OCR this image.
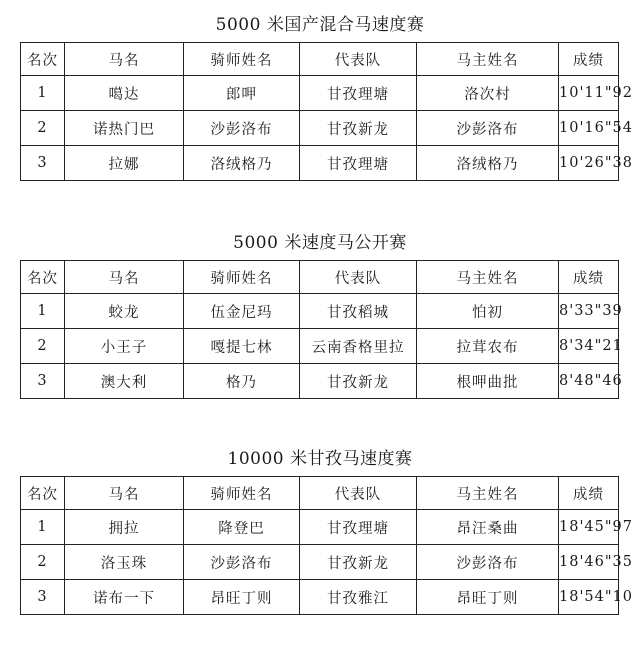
5000 米国产混合马速度赛
名次	马名	骑师姓名	代表队	马主姓名	成绩
1	噶达	郎呷	甘孜理塘	洛次村	10'11"92
2	诺热门巴	沙彭洛布	甘孜新龙	沙彭洛布	10'16"54
3	拉娜	洛绒格乃	甘孜理塘	洛绒格乃	10'26"38
5000 米速度马公开赛
名次	马名	骑师姓名	代表队	马主姓名	成绩
1	蛟龙	伍金尼玛	甘孜稻城	怕初	8'33"39
2	小王子	嘎提七林	云南香格里拉	拉茸农布	8'34"21
3	澳大利	格乃	甘孜新龙	根呷曲批	8'48"46
10000 米甘孜马速度赛
名次	马名	骑师姓名	代表队	马主姓名	成绩
1	拥拉	降登巴	甘孜理塘	昂汪桑曲	18'45"97
2	洛玉珠	沙彭洛布	甘孜新龙	沙彭洛布	18'46"35
3	诺布一下	昂旺丁则	甘孜雅江	昂旺丁则	18'54"10
